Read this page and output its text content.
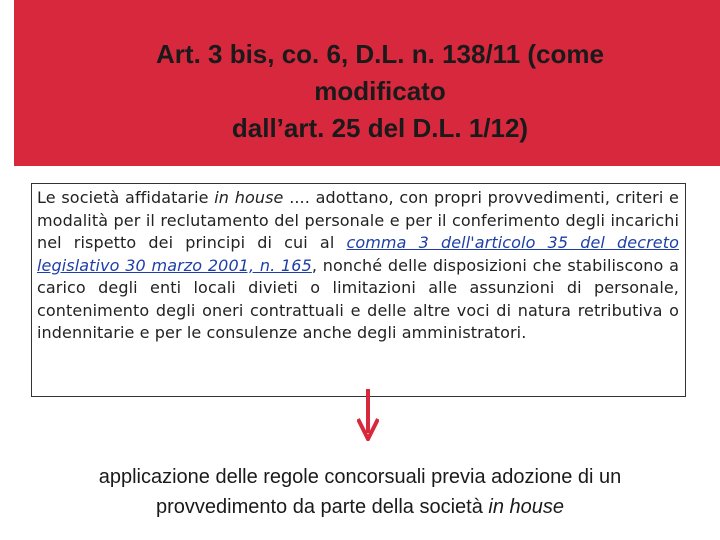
Art. 3 bis, co. 6, D.L. n. 138/11 (come
modificato
dall’art. 25 del D.L. 1/12)
Le società affidatarie in house .... adottano, con propri provvedimenti, criteri e modalità per il reclutamento del personale e per il conferimento degli incarichi nel rispetto dei principi di cui al comma 3 dell'articolo 35 del decreto legislativo 30 marzo 2001, n. 165, nonché delle disposizioni che stabiliscono a carico degli enti locali divieti o limitazioni alle assunzioni di personale, contenimento degli oneri contrattuali e delle altre voci di natura retributiva o indennitarie e per le consulenze anche degli amministratori.
applicazione delle regole concorsuali previa adozione di un
provvedimento da parte della società in house
